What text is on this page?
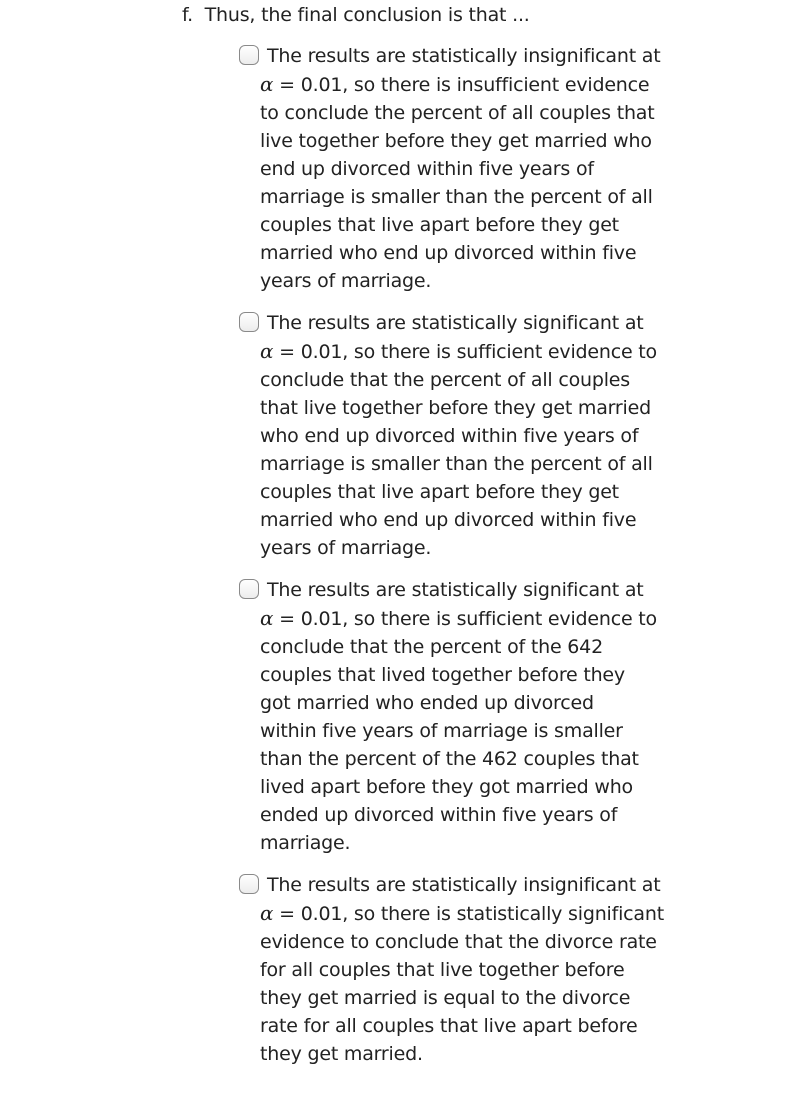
f. Thus, the final conclusion is that ...
The results are statistically insignificant at
α = 0.01, so there is insufficient evidence
to conclude the percent of all couples that
live together before they get married who
end up divorced within five years of
marriage is smaller than the percent of all
couples that live apart before they get
married who end up divorced within five
years of marriage.
The results are statistically significant at
α = 0.01, so there is sufficient evidence to
conclude that the percent of all couples
that live together before they get married
who end up divorced within five years of
marriage is smaller than the percent of all
couples that live apart before they get
married who end up divorced within five
years of marriage.
The results are statistically significant at
α = 0.01, so there is sufficient evidence to
conclude that the percent of the 642
couples that lived together before they
got married who ended up divorced
within five years of marriage is smaller
than the percent of the 462 couples that
lived apart before they got married who
ended up divorced within five years of
marriage.
The results are statistically insignificant at
α = 0.01, so there is statistically significant
evidence to conclude that the divorce rate
for all couples that live together before
they get married is equal to the divorce
rate for all couples that live apart before
they get married.
